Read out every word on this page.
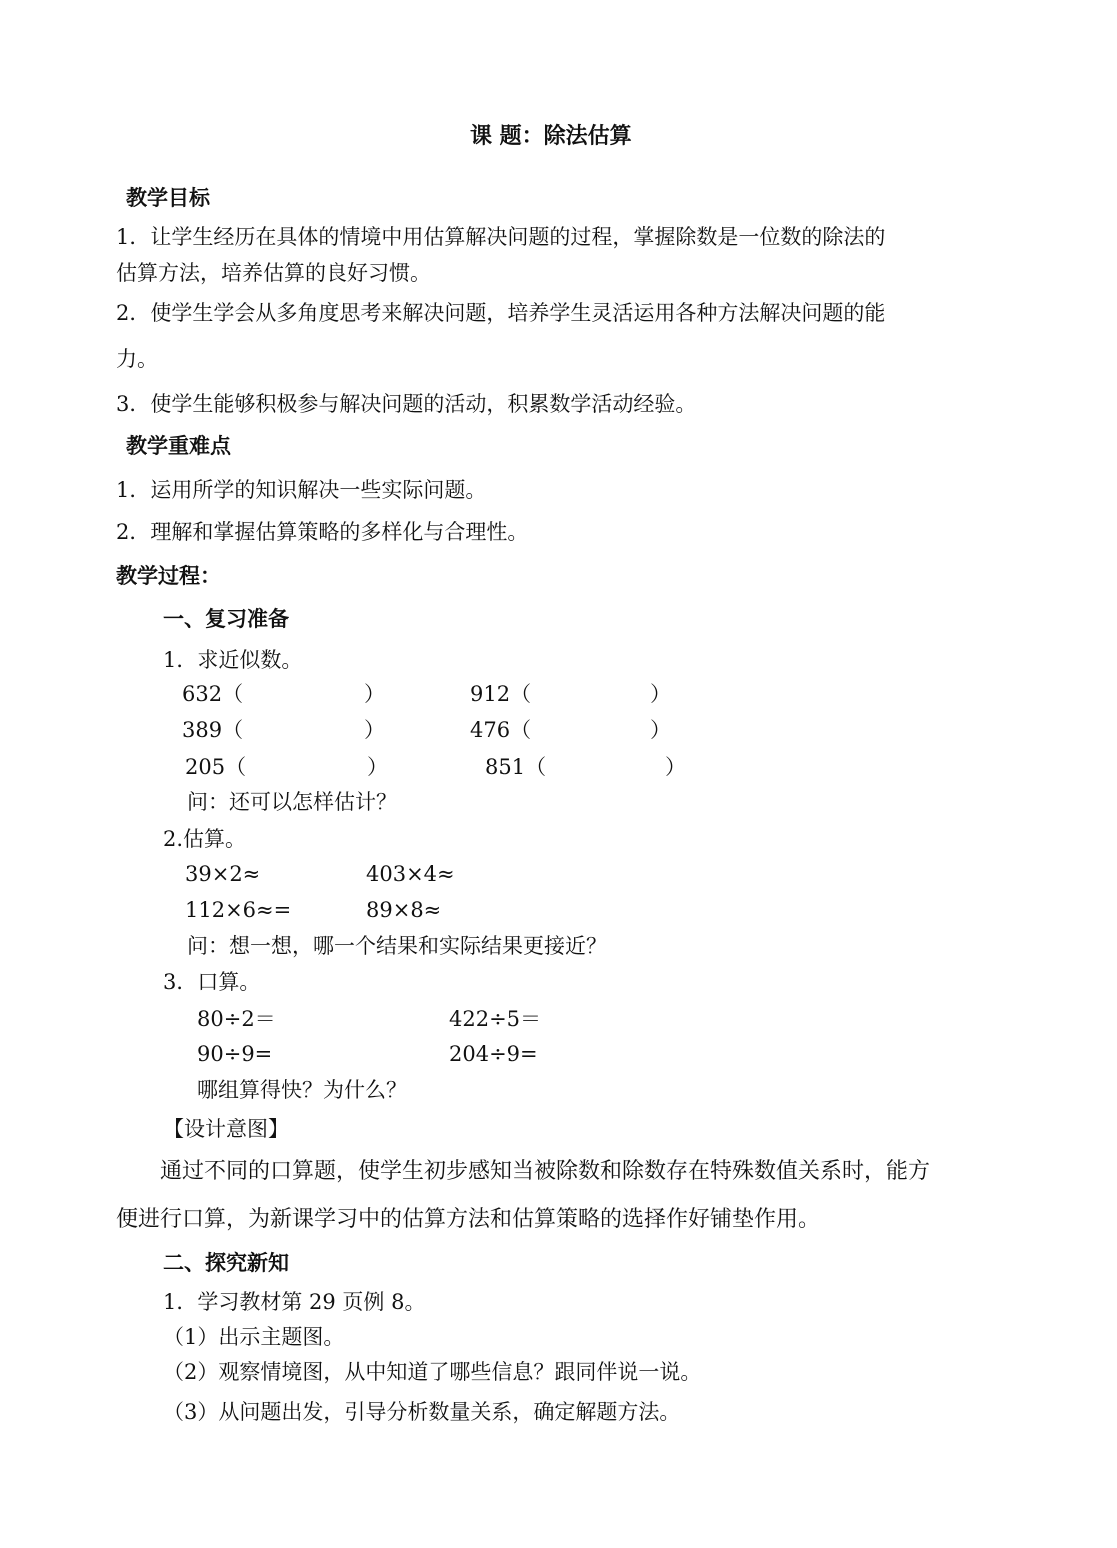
课 题：除法估算
教学目标
1．让学生经历在具体的情境中用估算解决问题的过程，掌握除数是一位数的除法的
估算方法，培养估算的良好习惯。
2．使学生学会从多角度思考来解决问题，培养学生灵活运用各种方法解决问题的能
力。
3．使学生能够积极参与解决问题的活动，积累数学活动经验。
教学重难点
1．运用所学的知识解决一些实际问题。
2．理解和掌握估算策略的多样化与合理性。
教学过程：
一、复习准备
1．求近似数。
632（	）	912（	）
389（	）	476（	）
205（	）	851（	）
问：还可以怎样估计？
2.估算。
39×2≈	403×4≈
112×6≈=	89×8≈
问：想一想，哪一个结果和实际结果更接近？
3．口算。
80÷2＝	422÷5＝
90÷9=	204÷9=
哪组算得快？为什么？
【设计意图】
通过不同的口算题，使学生初步感知当被除数和除数存在特殊数值关系时，能方
便进行口算，为新课学习中的估算方法和估算策略的选择作好铺垫作用。
二、探究新知
1．学习教材第 29 页例 8。
（1）出示主题图。
（2）观察情境图，从中知道了哪些信息？跟同伴说一说。
（3）从问题出发，引导分析数量关系，确定解题方法。
